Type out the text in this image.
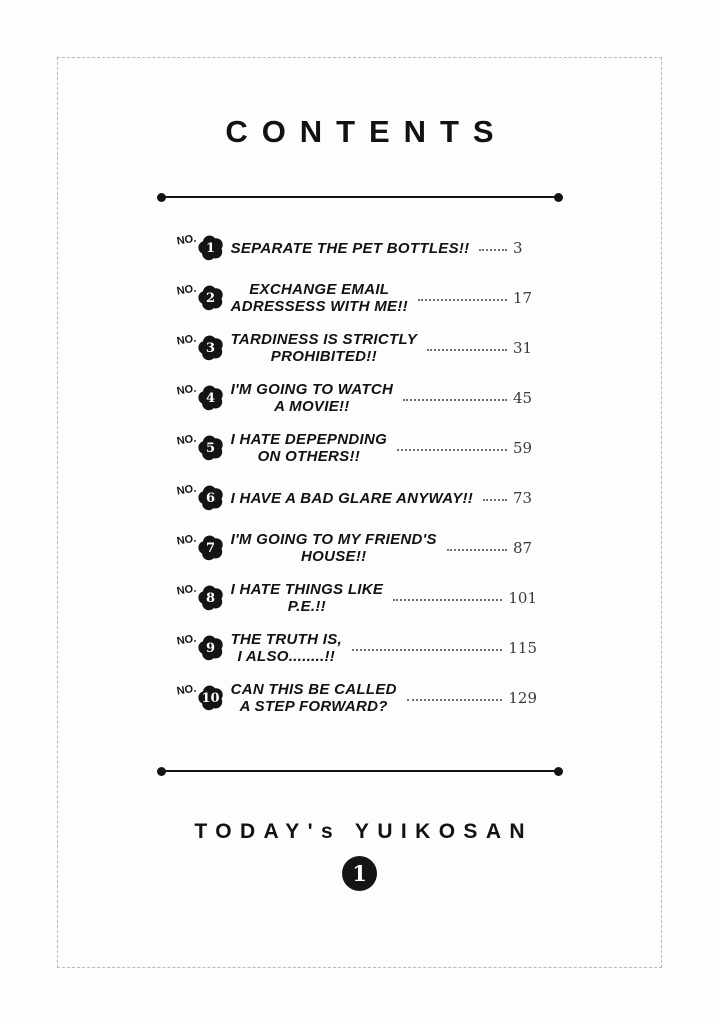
CONTENTS
NO.
1	SEPARATE THE PET BOTTLES!!	3
NO.
2	EXCHANGE EMAIL
ADRESSESS WITH ME!!	17
NO.
3	TARDINESS IS STRICTLY
PROHIBITED!!	31
NO.
4	I'M GOING TO WATCH
A MOVIE!!	45
NO.
5	I HATE DEPEPNDING
ON OTHERS!!	59
NO.
6	I HAVE A BAD GLARE ANYWAY!!	73
NO.
7	I'M GOING TO MY FRIEND'S
HOUSE!!	87
NO.
8	I HATE THINGS LIKE
P.E.!!	101
NO.
9	THE TRUTH IS,
I ALSO........!!	115
NO.
10 CAN THIS BE CALLED
A STEP FORWARD?	129
TODAY's YUIKOSAN
1
